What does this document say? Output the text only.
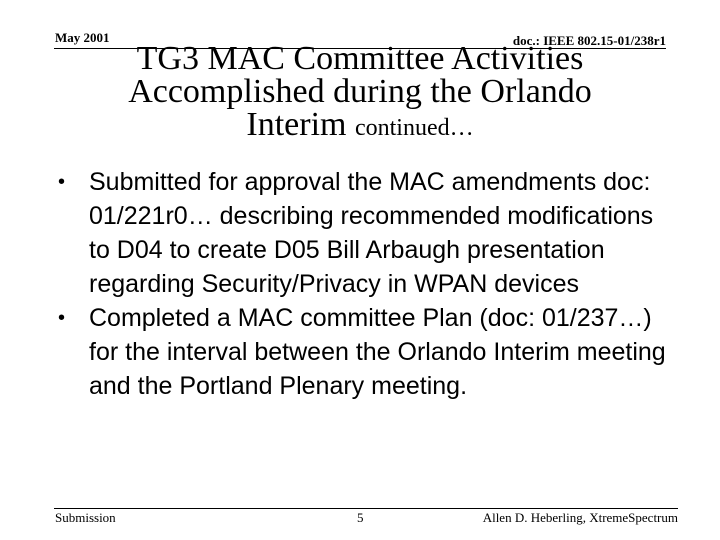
May 2001	doc.: IEEE 802.15-01/238r1
TG3 MAC Committee Activities
Accomplished during the Orlando
Interim continued…
• Submitted for approval the MAC amendments doc: 01/221r0… describing recommended modifications to D04 to create D05 Bill Arbaugh presentation regarding Security/Privacy in WPAN devices
• Completed a MAC committee Plan (doc: 01/237…) for the interval between the Orlando Interim meeting and the Portland Plenary meeting.
Submission	5	Allen D. Heberling, XtremeSpectrum
